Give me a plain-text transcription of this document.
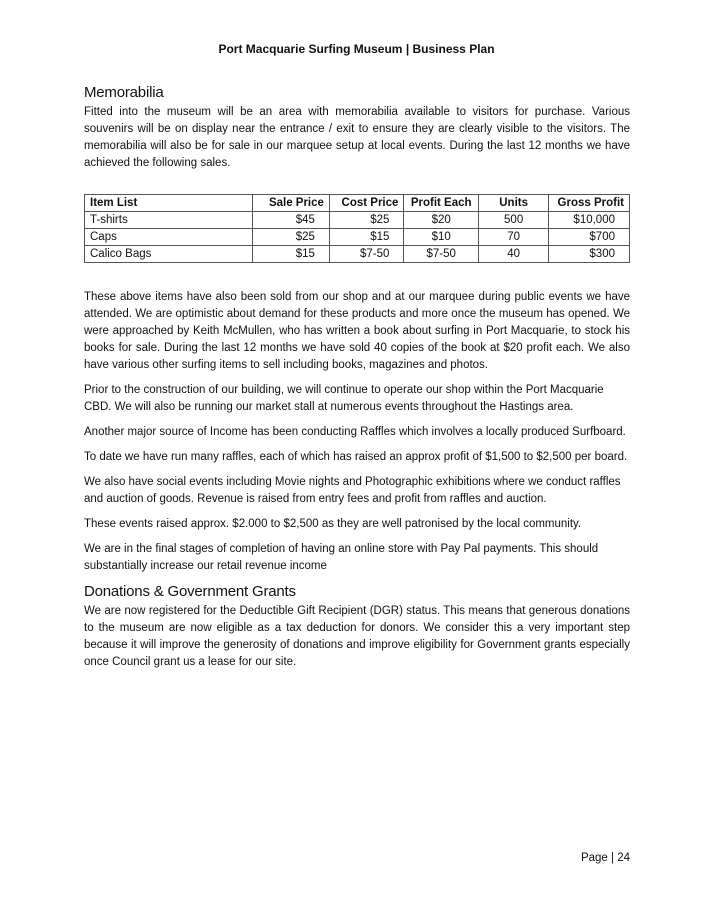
Port Macquarie Surfing Museum | Business Plan
Memorabilia

Fitted into the museum will be an area with memorabilia available to visitors for purchase. Various souvenirs will be on display near the entrance / exit to ensure they are clearly visible to the visitors. The memorabilia will also be for sale in our marquee setup at local events. During the last 12 months we have achieved the following sales.

Item List	Sale Price	Cost Price	Profit Each	Units	Gross Profit
T-shirts	$45	$25	$20	500	$10,000
Caps	$25	$15	$10	70	$700
Calico Bags	$15	$7-50	$7-50	40	$300

These above items have also been sold from our shop and at our marquee during public events we have attended. We are optimistic about demand for these products and more once the museum has opened. We were approached by Keith McMullen, who has written a book about surfing in Port Macquarie, to stock his books for sale. During the last 12 months we have sold 40 copies of the book at $20 profit each. We also have various other surfing items to sell including books, magazines and photos.

Prior to the construction of our building, we will continue to operate our shop within the Port Macquarie CBD. We will also be running our market stall at numerous events throughout the Hastings area.

Another major source of Income has been conducting Raffles which involves a locally produced Surfboard.

To date we have run many raffles, each of which has raised an approx profit of $1,500 to $2,500 per board.

We also have social events including Movie nights and Photographic exhibitions where we conduct raffles and auction of goods. Revenue is raised from entry fees and profit from raffles and auction.

These events raised approx. $2.000 to $2,500 as they are well patronised by the local community.

We are in the final stages of completion of having an online store with Pay Pal payments. This should substantially increase our retail revenue income

Donations & Government Grants

We are now registered for the Deductible Gift Recipient (DGR) status. This means that generous donations to the museum are now eligible as a tax deduction for donors. We consider this a very important step because it will improve the generosity of donations and improve eligibility for Government grants especially once Council grant us a lease for our site.

Page | 24
